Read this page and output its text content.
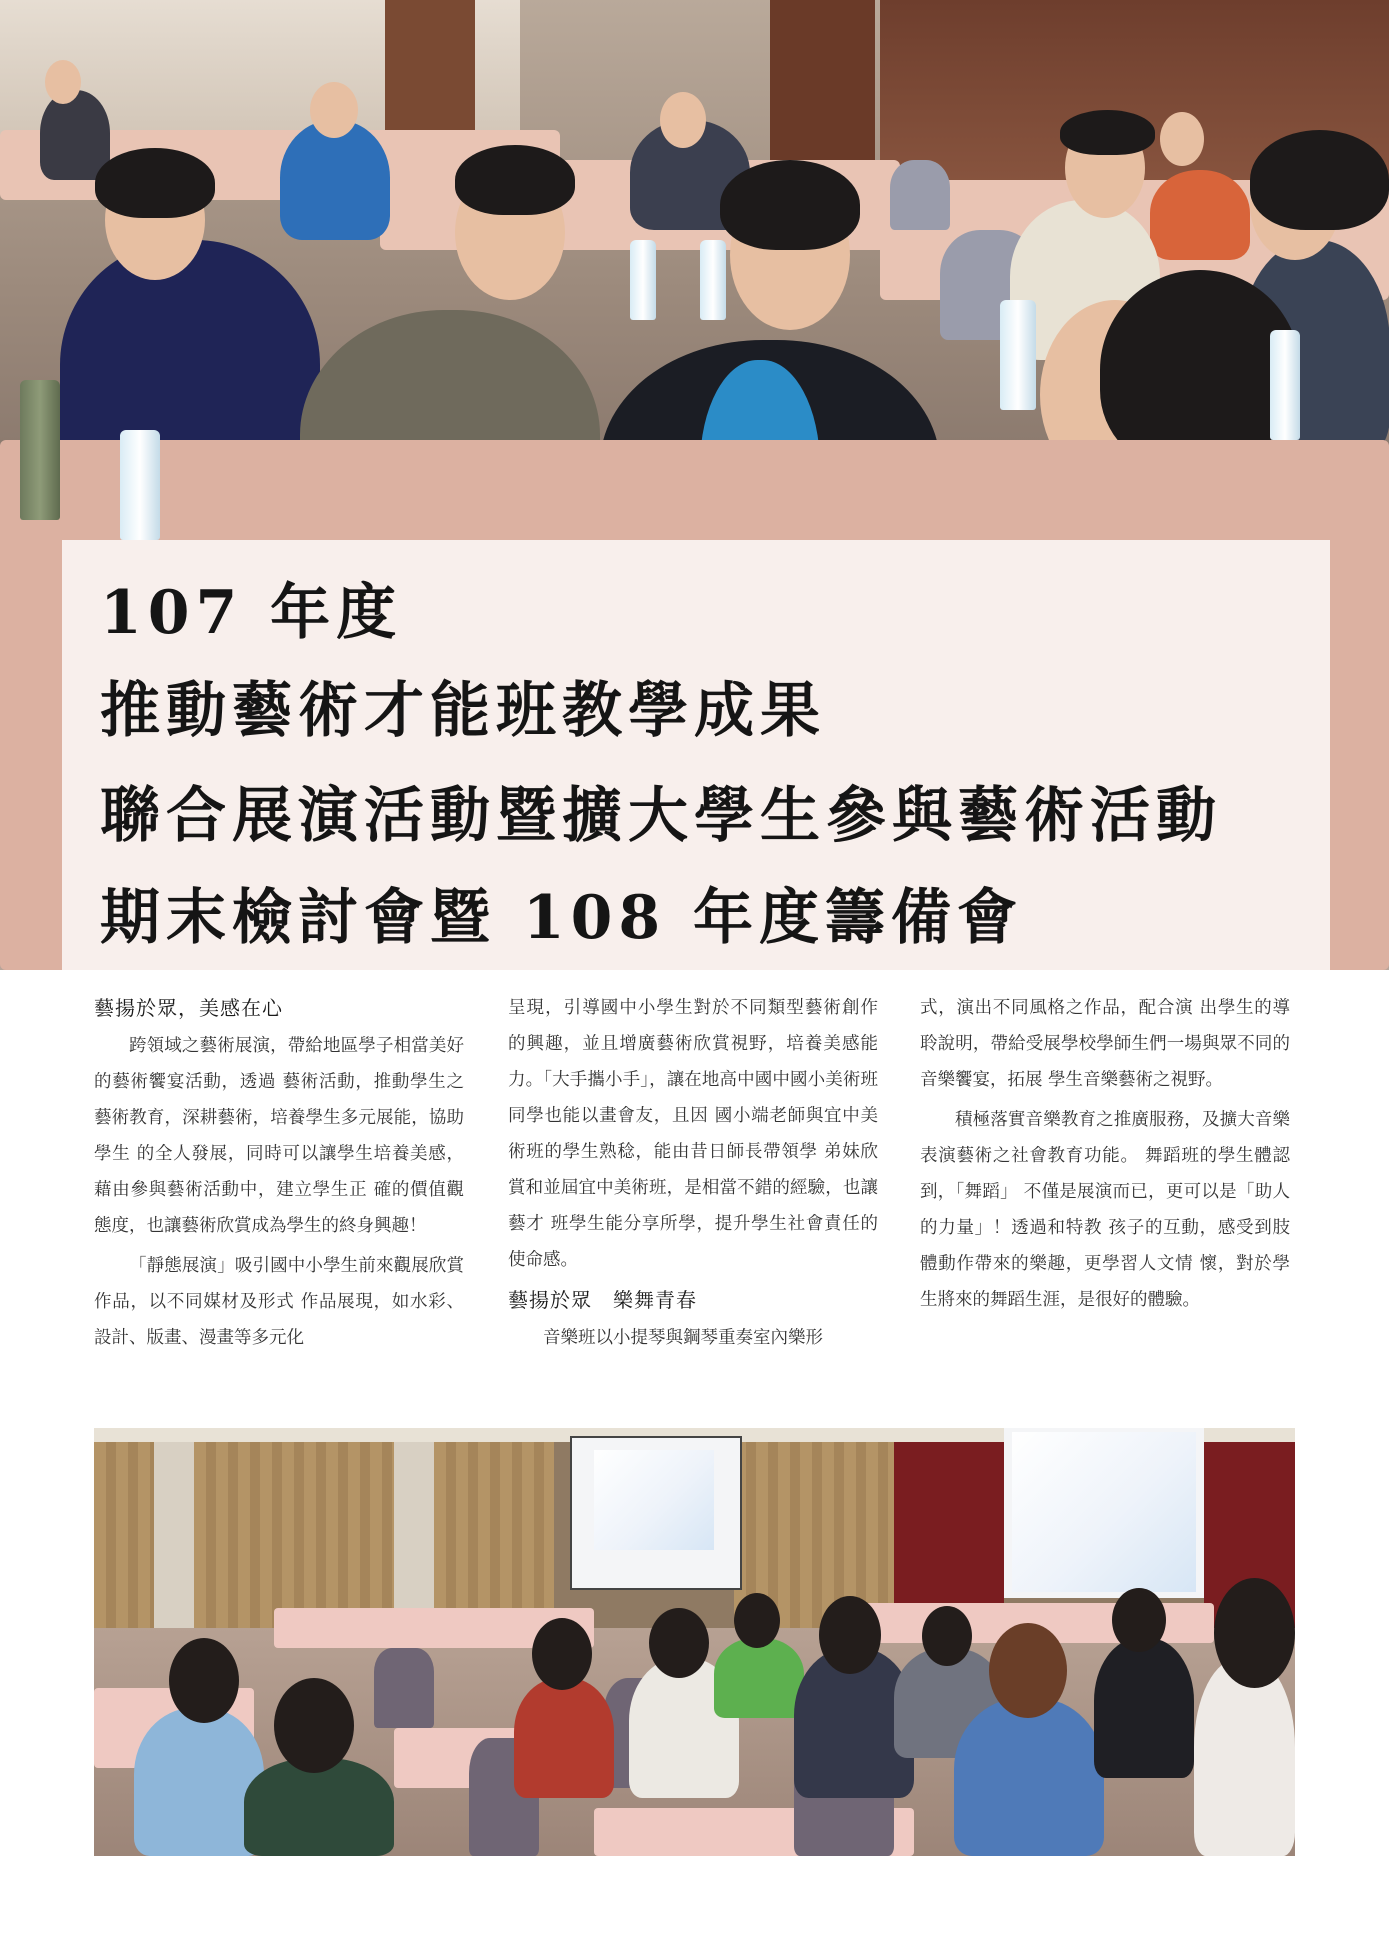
107 年度
推動藝術才能班教學成果
聯合展演活動暨擴大學生參與藝術活動
期末檢討會暨 108 年度籌備會
藝揚於眾，美感在心

跨領域之藝術展演，帶給地區學子相當美好的藝術饗宴活動，透過 藝術活動，推動學生之藝術教育，深耕藝術，培養學生多元展能，協助學生 的全人發展，同時可以讓學生培養美感，藉由參與藝術活動中，建立學生正 確的價值觀態度，也讓藝術欣賞成為學生的終身興趣！

「靜態展演」吸引國中小學生前來觀展欣賞作品，以不同媒材及形式 作品展現，如水彩、設計、版畫、漫畫等多元化

呈現，引導國中小學生對於不同類型藝術創作 的興趣，並且增廣藝術欣賞視野，培養美感能力。「大手攜小手」，讓在地高中國中國小美術班同學也能以畫會友，且因 國小端老師與宜中美術班的學生熟稔，能由昔日師長帶領學 弟妹欣賞和並屆宜中美術班，是相當不錯的經驗，也讓藝才 班學生能分享所學，提升學生社會責任的使命感。

藝揚於眾　樂舞青春

音樂班以小提琴與鋼琴重奏室內樂形

式，演出不同風格之作品，配合演 出學生的導聆說明，帶給受展學校學師生們一場與眾不同的音樂饗宴，拓展 學生音樂藝術之視野。

積極落實音樂教育之推廣服務，及擴大音樂表演藝術之社會教育功能。 舞蹈班的學生體認到，「舞蹈」 不僅是展演而已，更可以是「助人的力量」！透過和特教 孩子的互動，感受到肢體動作帶來的樂趣，更學習人文情 懷，對於學生將來的舞蹈生涯，是很好的體驗。
